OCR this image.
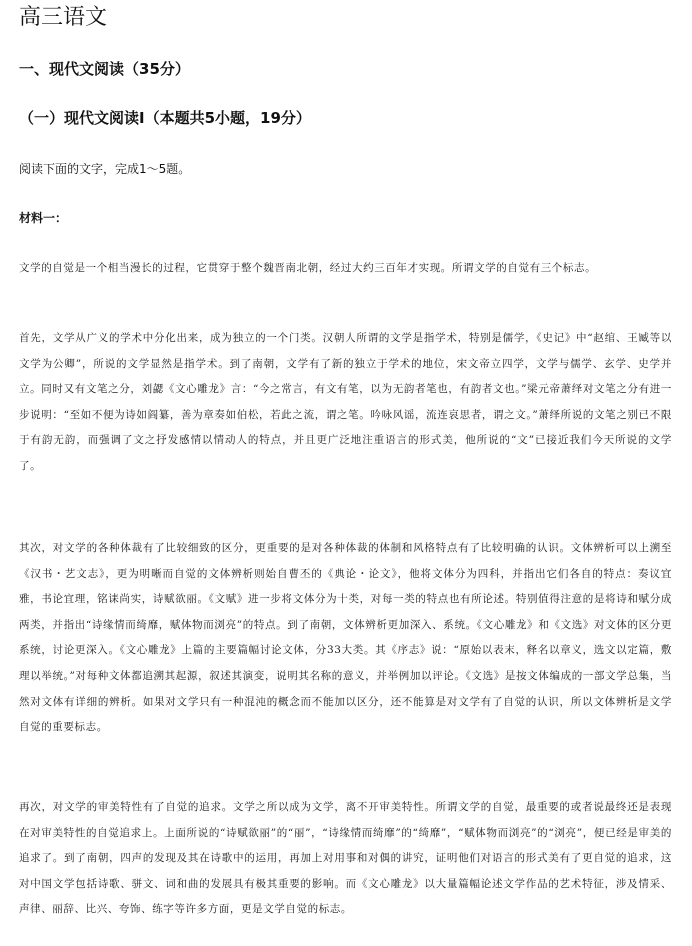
高三语文
一、现代文阅读（35分）
（一）现代文阅读I（本题共5小题，19分）

阅读下面的文字，完成1～5题。

材料一：

文学的自觉是一个相当漫长的过程，它贯穿于整个魏晋南北朝，经过大约三百年才实现。所谓文学的自觉有三个标志。

首先，文学从广义的学术中分化出来，成为独立的一个门类。汉朝人所谓的文学是指学术，特别是儒学，《史记》中“赵绾、王臧等以文学为公卿”，所说的文学显然是指学术。到了南朝，文学有了新的独立于学术的地位，宋文帝立四学，文学与儒学、玄学、史学并立。同时又有文笔之分，刘勰《文心雕龙》言：“今之常言，有文有笔，以为无韵者笔也，有韵者文也。”梁元帝萧绎对文笔之分有进一步说明：“至如不便为诗如阎纂，善为章奏如伯松，若此之流，谓之笔。吟咏风谣，流连哀思者，谓之文。”萧绎所说的文笔之别已不限于有韵无韵，而强调了文之抒发感情以情动人的特点，并且更广泛地注重语言的形式美，他所说的“文”已接近我们今天所说的文学了。

其次，对文学的各种体裁有了比较细致的区分，更重要的是对各种体裁的体制和风格特点有了比较明确的认识。文体辨析可以上溯至《汉书・艺文志》，更为明晰而自觉的文体辨析则始自曹丕的《典论・论文》，他将文体分为四科，并指出它们各自的特点：奏议宜雅，书论宜理，铭诔尚实，诗赋欲丽。《文赋》进一步将文体分为十类，对每一类的特点也有所论述。特别值得注意的是将诗和赋分成两类，并指出“诗缘情而绮靡，赋体物而浏亮”的特点。到了南朝，文体辨析更加深入、系统。《文心雕龙》和《文选》对文体的区分更系统，讨论更深入。《文心雕龙》上篇的主要篇幅讨论文体，分33大类。其《序志》说：“原始以表末，释名以章义，选文以定篇，敷理以举统。”对每种文体都追溯其起源，叙述其演变，说明其名称的意义，并举例加以评论。《文选》是按文体编成的一部文学总集，当然对文体有详细的辨析。如果对文学只有一种混沌的概念而不能加以区分，还不能算是对文学有了自觉的认识，所以文体辨析是文学自觉的重要标志。

再次，对文学的审美特性有了自觉的追求。文学之所以成为文学，离不开审美特性。所谓文学的自觉，最重要的或者说最终还是表现在对审美特性的自觉追求上。上面所说的“诗赋欲丽”的“丽”，“诗缘情而绮靡”的“绮靡”，“赋体物而浏亮”的“浏亮”，便已经是审美的追求了。到了南朝，四声的发现及其在诗歌中的运用，再加上对用事和对偶的讲究，证明他们对语言的形式美有了更自觉的追求，这对中国文学包括诗歌、骈文、词和曲的发展具有极其重要的影响。而《文心雕龙》以大量篇幅论述文学作品的艺术特征，涉及情采、声律、丽辞、比兴、夸饰、练字等许多方面，更是文学自觉的标志。
